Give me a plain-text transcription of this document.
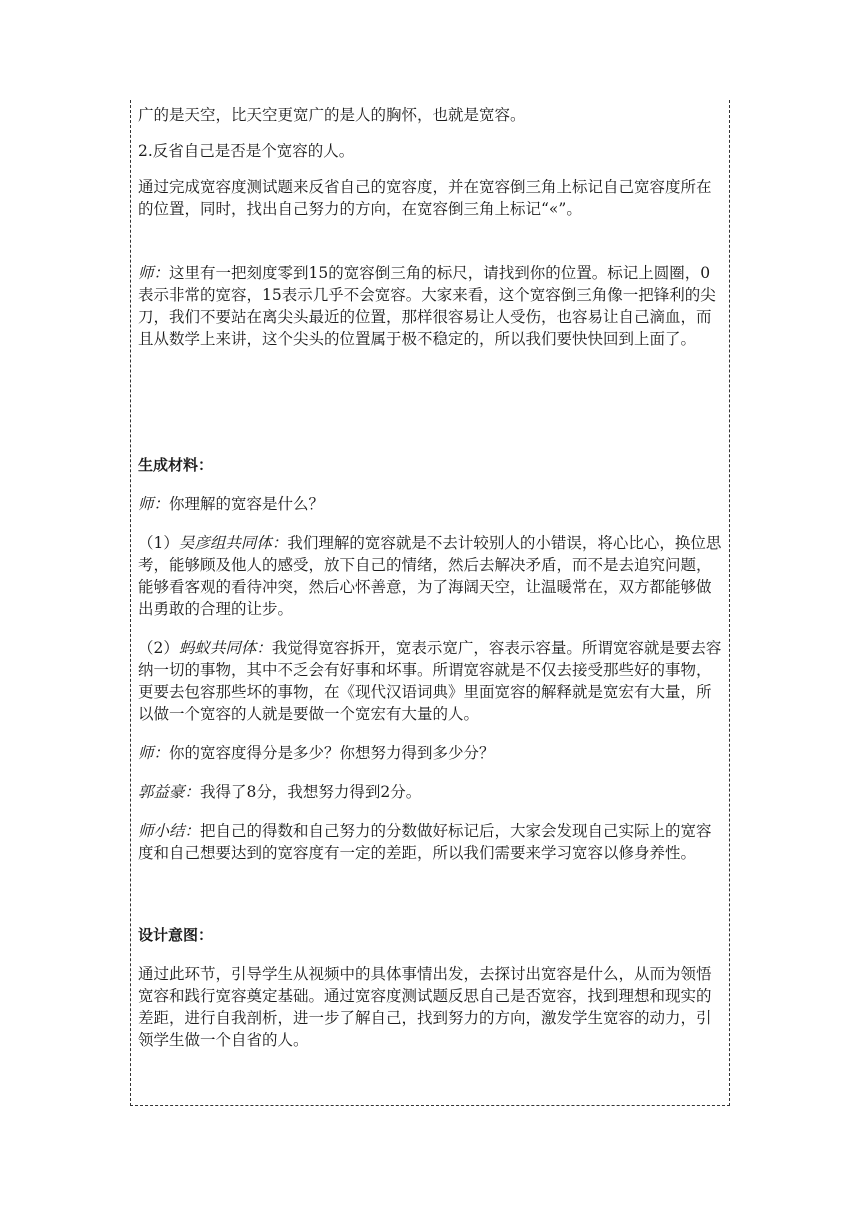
广的是天空，比天空更宽广的是人的胸怀，也就是宽容。

2.反省自己是否是个宽容的人。

通过完成宽容度测试题来反省自己的宽容度，并在宽容倒三角上标记自己宽容度所在的位置，同时，找出自己努力的方向，在宽容倒三角上标记“«”。

师：这里有一把刻度零到15的宽容倒三角的标尺，请找到你的位置。标记上圆圈，0表示非常的宽容，15表示几乎不会宽容。大家来看，这个宽容倒三角像一把锋利的尖刀，我们不要站在离尖头最近的位置，那样很容易让人受伤，也容易让自己滴血，而且从数学上来讲，这个尖头的位置属于极不稳定的，所以我们要快快回到上面了。

生成材料：

师：你理解的宽容是什么？

（1）吴彦组共同体：我们理解的宽容就是不去计较别人的小错误，将心比心，换位思考，能够顾及他人的感受，放下自己的情绪，然后去解决矛盾，而不是去追究问题，能够看客观的看待冲突，然后心怀善意，为了海阔天空，让温暖常在，双方都能够做出勇敢的合理的让步。

（2）蚂蚁共同体：我觉得宽容拆开，宽表示宽广，容表示容量。所谓宽容就是要去容纳一切的事物，其中不乏会有好事和坏事。所谓宽容就是不仅去接受那些好的事物，更要去包容那些坏的事物，在《现代汉语词典》里面宽容的解释就是宽宏有大量，所以做一个宽容的人就是要做一个宽宏有大量的人。

师：你的宽容度得分是多少？你想努力得到多少分？

郭益豪：我得了8分，我想努力得到2分。

师小结：把自己的得数和自己努力的分数做好标记后，大家会发现自己实际上的宽容度和自己想要达到的宽容度有一定的差距，所以我们需要来学习宽容以修身养性。

设计意图：

通过此环节，引导学生从视频中的具体事情出发，去探讨出宽容是什么，从而为领悟宽容和践行宽容奠定基础。通过宽容度测试题反思自己是否宽容，找到理想和现实的差距，进行自我剖析，进一步了解自己，找到努力的方向，激发学生宽容的动力，引领学生做一个自省的人。
